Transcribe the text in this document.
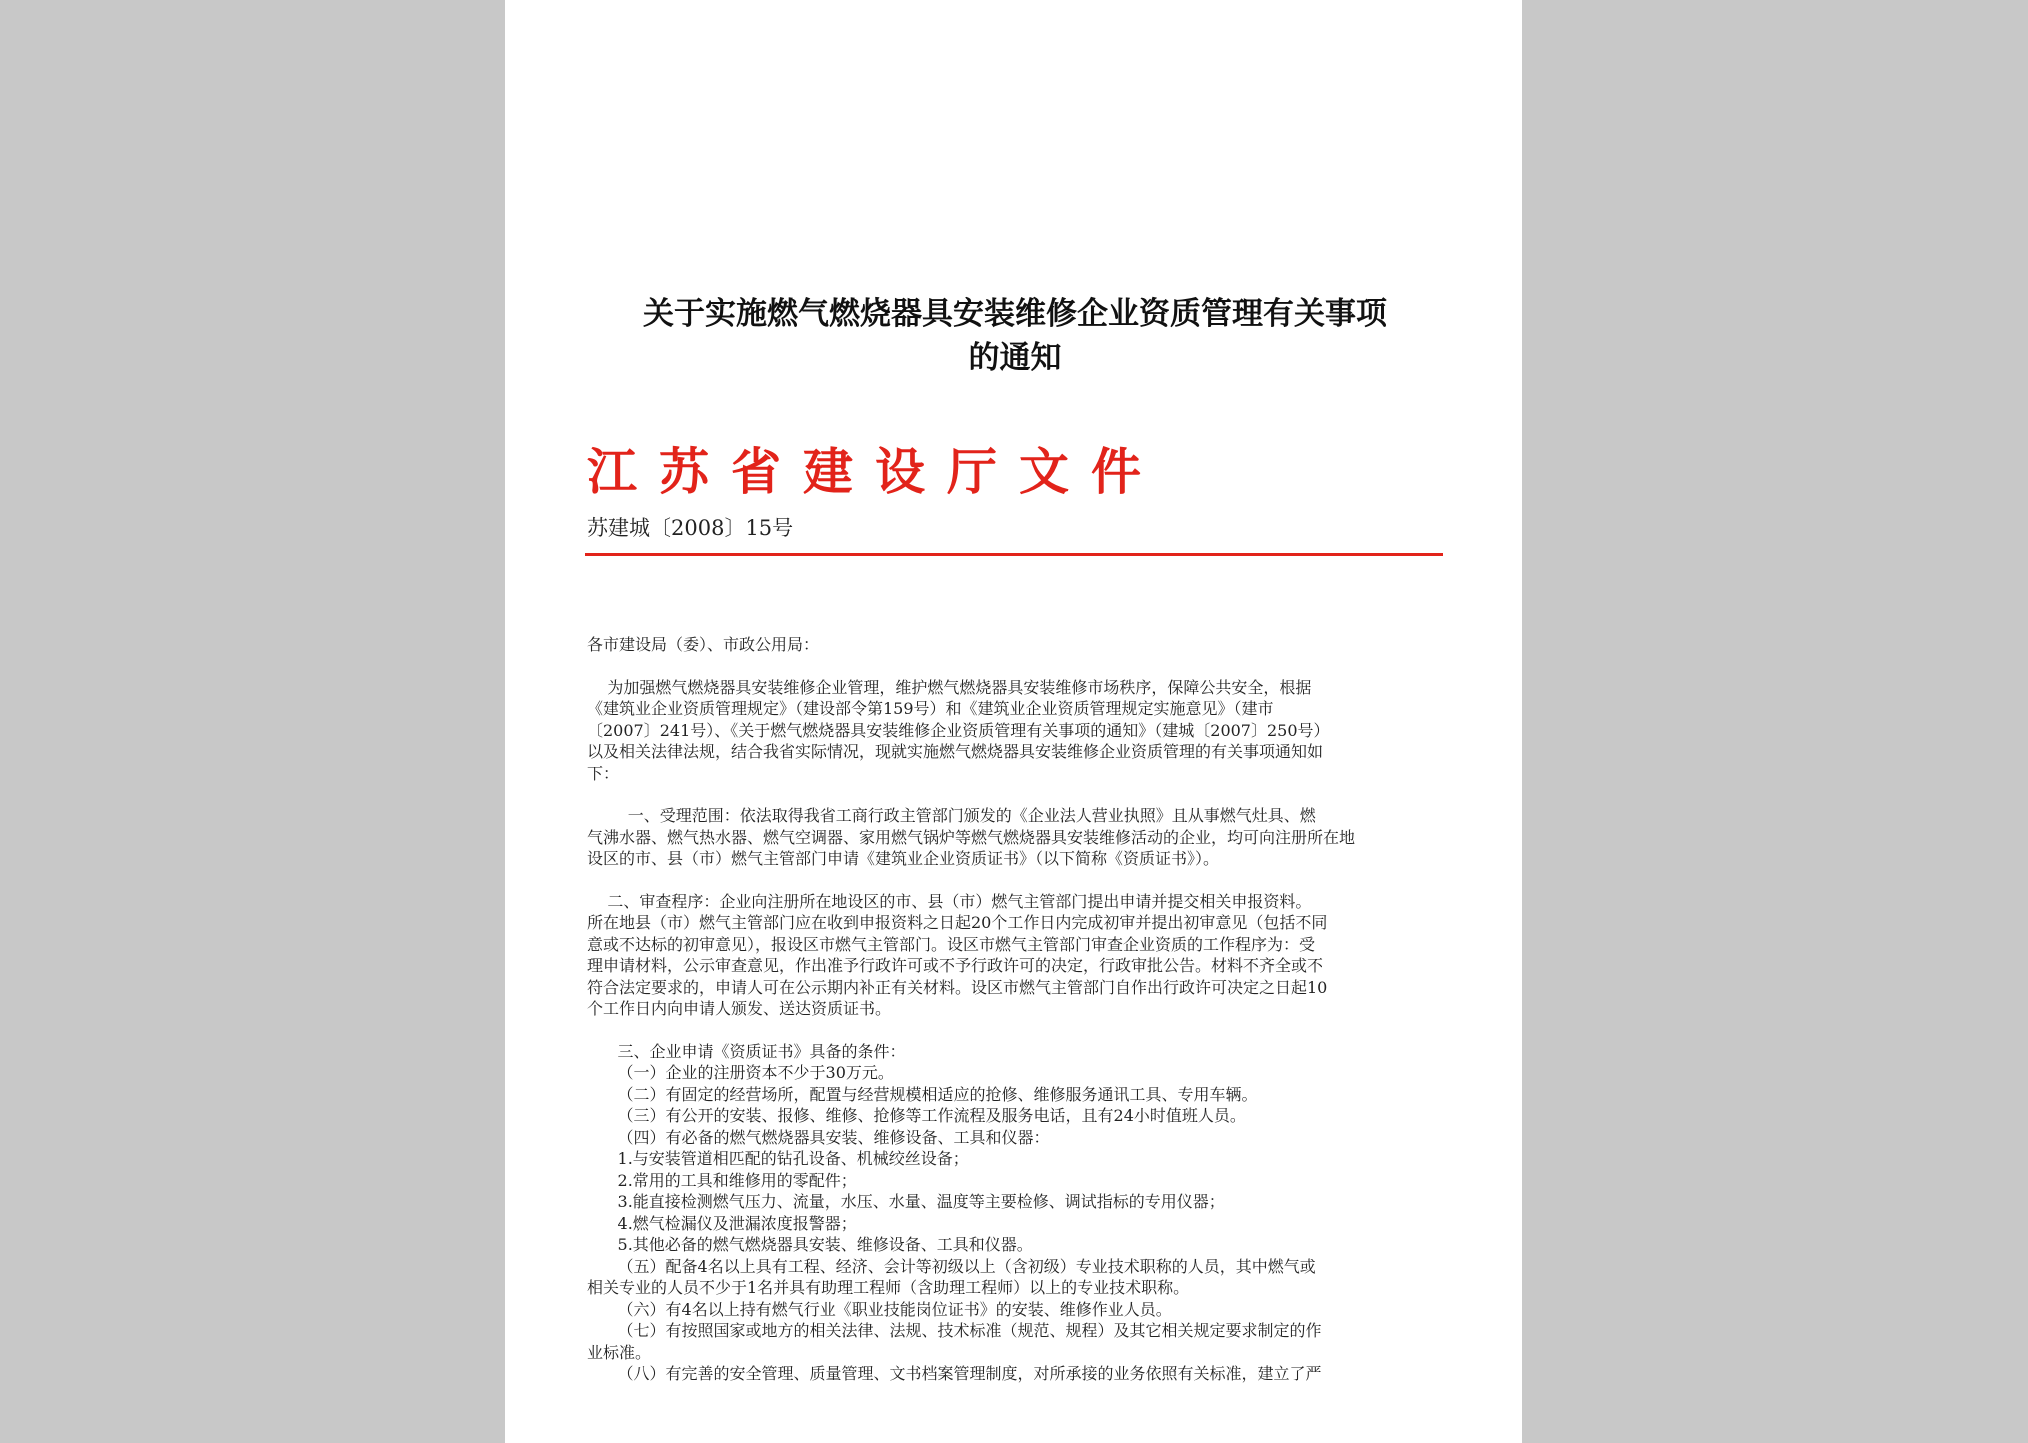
关于实施燃气燃烧器具安装维修企业资质管理有关事项
的通知
江苏省建设厅文件
苏建城〔2008〕15号

各市建设局（委）、市政公用局：

为加强燃气燃烧器具安装维修企业管理，维护燃气燃烧器具安装维修市场秩序，保障公共安全，根据

《建筑业企业资质管理规定》（建设部令第159号）和《建筑业企业资质管理规定实施意见》（建市

〔2007〕241号）、《关于燃气燃烧器具安装维修企业资质管理有关事项的通知》（建城〔2007〕250号）

以及相关法律法规，结合我省实际情况，现就实施燃气燃烧器具安装维修企业资质管理的有关事项通知如

下：

一、受理范围：依法取得我省工商行政主管部门颁发的《企业法人营业执照》且从事燃气灶具、燃

气沸水器、燃气热水器、燃气空调器、家用燃气锅炉等燃气燃烧器具安装维修活动的企业，均可向注册所在地

设区的市、县（市）燃气主管部门申请《建筑业企业资质证书》（以下简称《资质证书》）。

二、审查程序：企业向注册所在地设区的市、县（市）燃气主管部门提出申请并提交相关申报资料。

所在地县（市）燃气主管部门应在收到申报资料之日起20个工作日内完成初审并提出初审意见（包括不同

意或不达标的初审意见），报设区市燃气主管部门。设区市燃气主管部门审查企业资质的工作程序为：受

理申请材料，公示审查意见，作出准予行政许可或不予行政许可的决定，行政审批公告。材料不齐全或不

符合法定要求的，申请人可在公示期内补正有关材料。设区市燃气主管部门自作出行政许可决定之日起10

个工作日内向申请人颁发、送达资质证书。

三、企业申请《资质证书》具备的条件：

（一）企业的注册资本不少于30万元。

（二）有固定的经营场所，配置与经营规模相适应的抢修、维修服务通讯工具、专用车辆。

（三）有公开的安装、报修、维修、抢修等工作流程及服务电话，且有24小时值班人员。

（四）有必备的燃气燃烧器具安装、维修设备、工具和仪器：

1.与安装管道相匹配的钻孔设备、机械绞丝设备；

2.常用的工具和维修用的零配件；

3.能直接检测燃气压力、流量，水压、水量、温度等主要检修、调试指标的专用仪器；

4.燃气检漏仪及泄漏浓度报警器；

5.其他必备的燃气燃烧器具安装、维修设备、工具和仪器。

（五）配备4名以上具有工程、经济、会计等初级以上（含初级）专业技术职称的人员，其中燃气或

相关专业的人员不少于1名并具有助理工程师（含助理工程师）以上的专业技术职称。

（六）有4名以上持有燃气行业《职业技能岗位证书》的安装、维修作业人员。

（七）有按照国家或地方的相关法律、法规、技术标准（规范、规程）及其它相关规定要求制定的作

业标准。

（八）有完善的安全管理、质量管理、文书档案管理制度，对所承接的业务依照有关标准，建立了严
